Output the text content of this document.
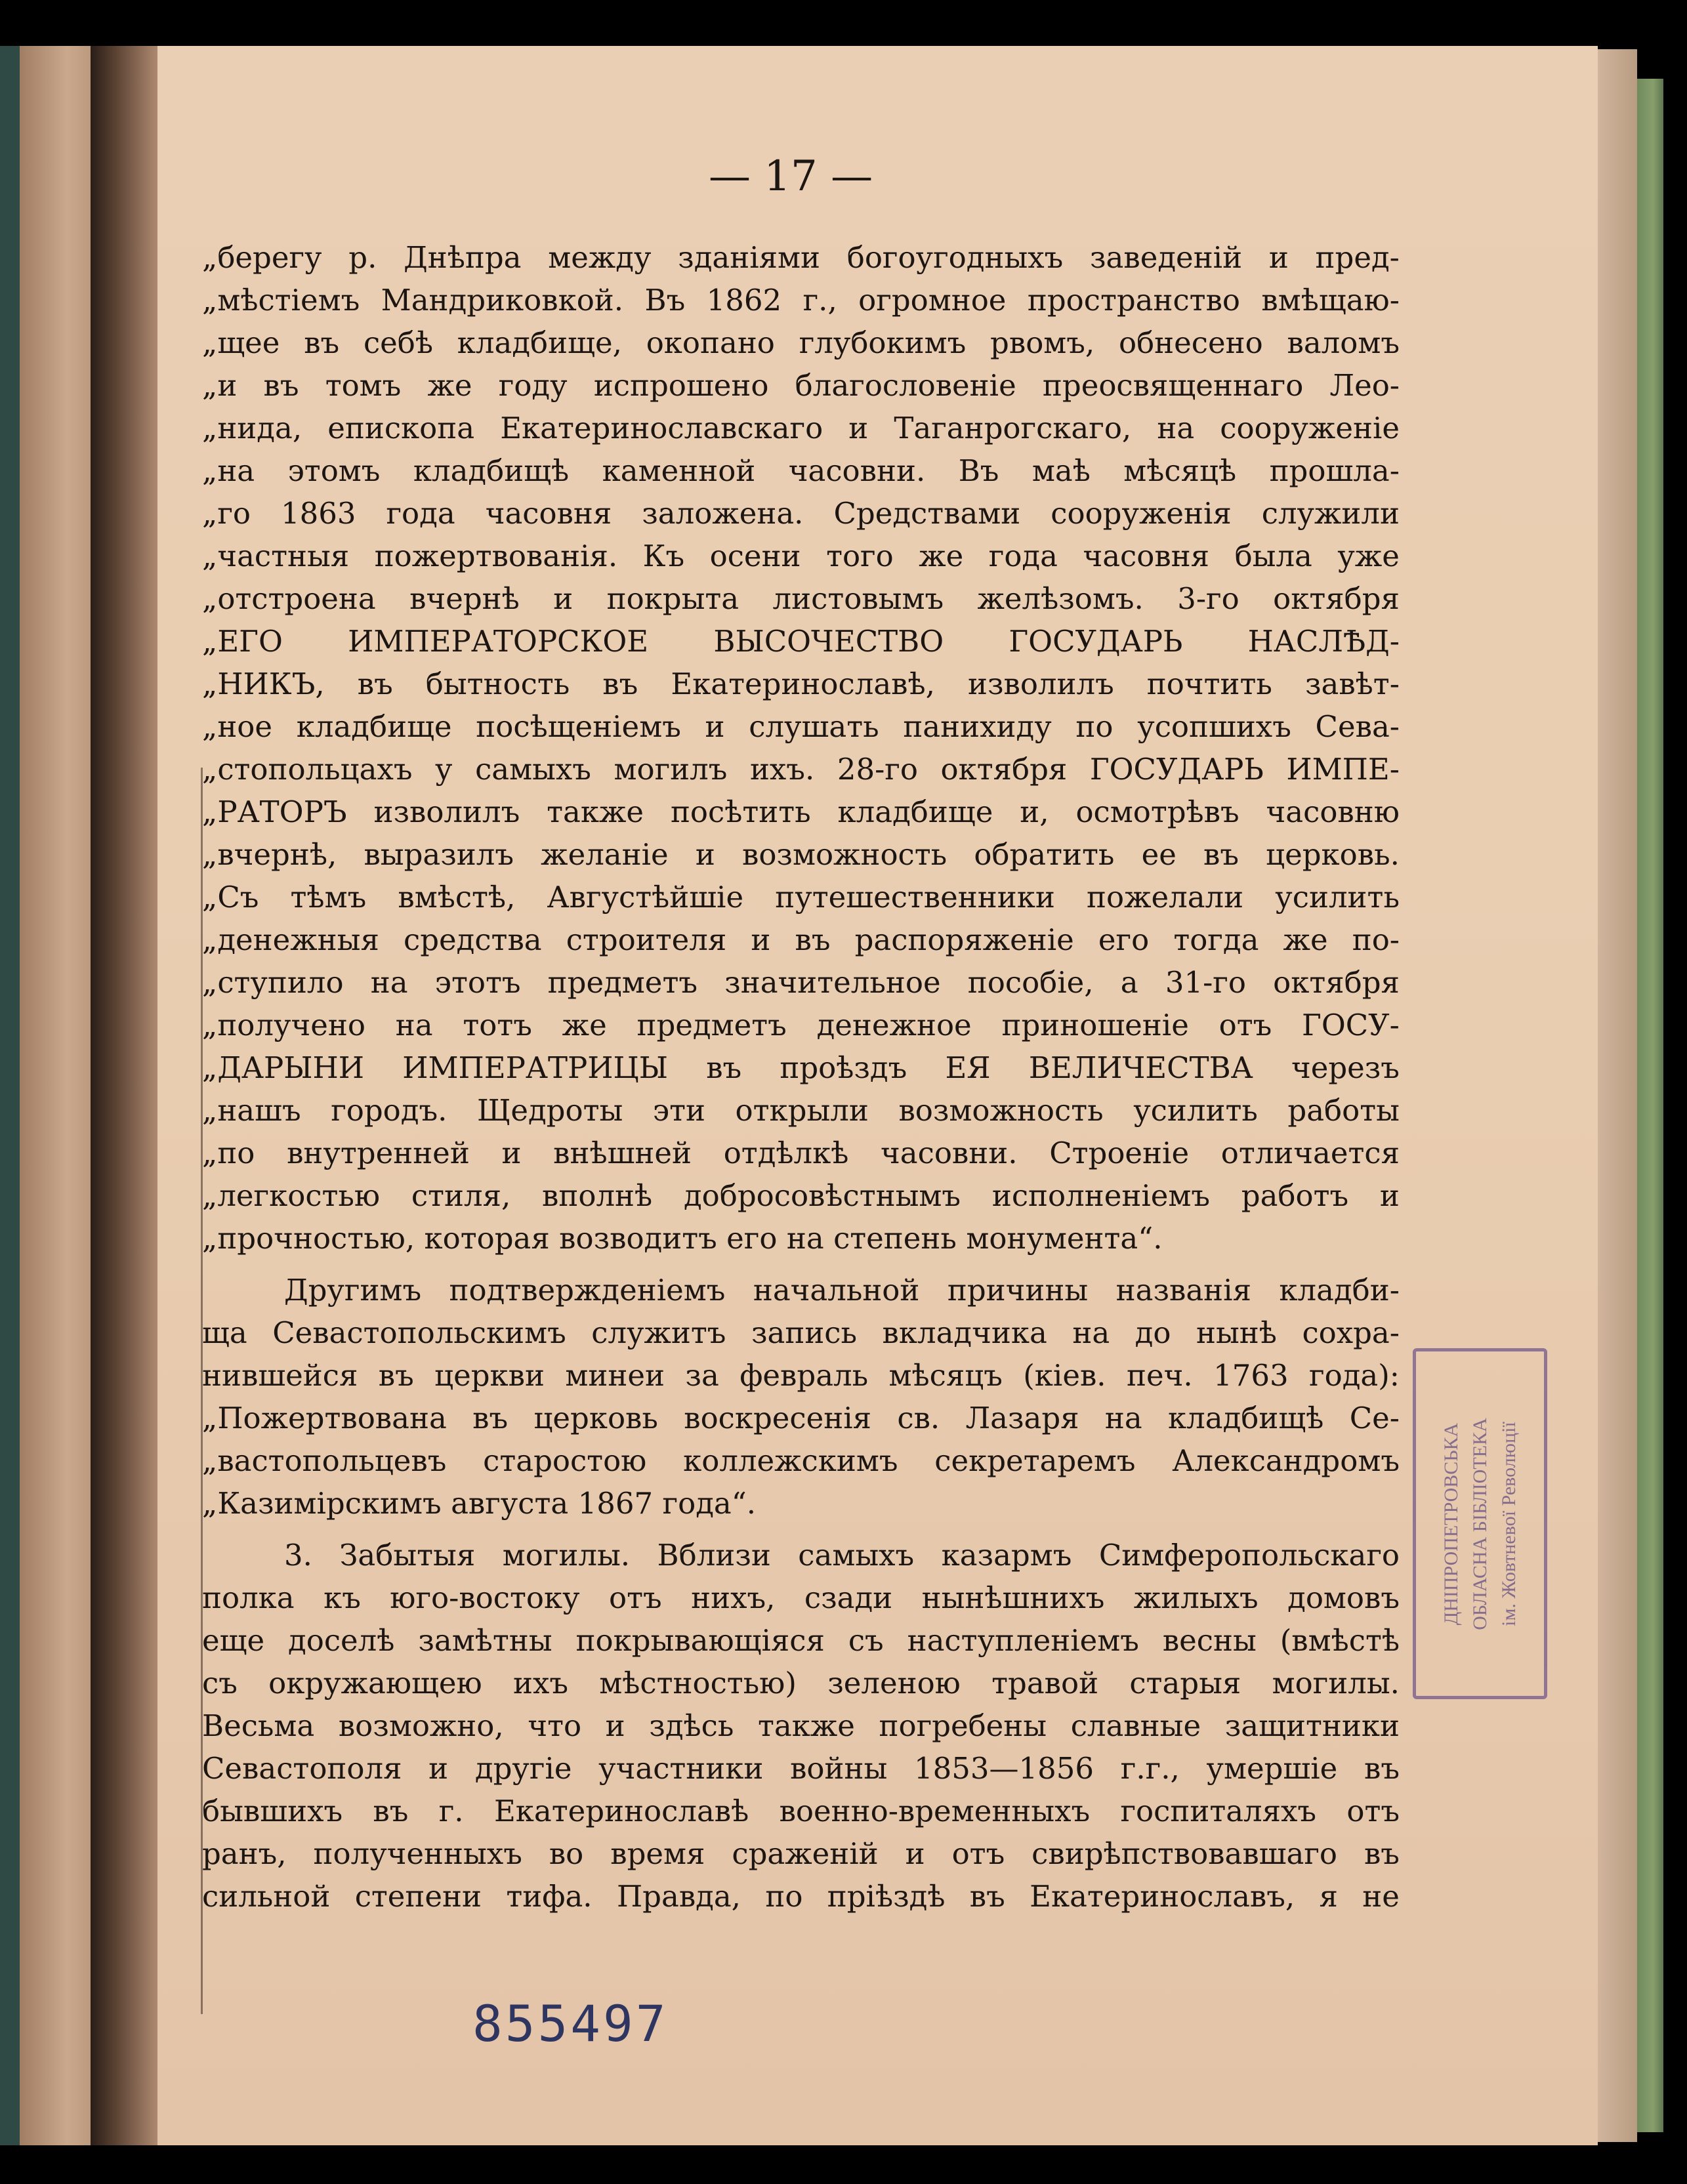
— 17 —
„берегу р. Днѣпра между зданіями богоугодныхъ заведеній и пред-
„мѣстіемъ Мандриковкой. Въ 1862 г., огромное пространство вмѣщаю-
„щее въ себѣ кладбище, окопано глубокимъ рвомъ, обнесено валомъ
„и въ томъ же году испрошено благословеніе преосвященнаго Лео-
„нида, епископа Екатеринославскаго и Таганрогскаго, на сооруженіе
„на этомъ кладбищѣ каменной часовни. Въ маѣ мѣсяцѣ прошла-
„го 1863 года часовня заложена. Средствами сооруженія служили
„частныя пожертвованія. Къ осени того же года часовня была уже
„отстроена вчернѣ и покрыта листовымъ желѣзомъ. 3-го октября
„ЕГО ИМПЕРАТОРСКОЕ ВЫСОЧЕСТВО ГОСУДАРЬ НАСЛѢД-
„НИКЪ, въ бытность въ Екатеринославѣ, изволилъ почтить завѣт-
„ное кладбище посѣщеніемъ и слушать панихиду по усопшихъ Сева-
„стопольцахъ у самыхъ могилъ ихъ. 28-го октября ГОСУДАРЬ ИМПЕ-
„РАТОРЪ изволилъ также посѣтить кладбище и, осмотрѣвъ часовню
„вчернѣ, выразилъ желаніе и возможность обратить ее въ церковь.
„Съ тѣмъ вмѣстѣ, Августѣйшіе путешественники пожелали усилить
„денежныя средства строителя и въ распоряженіе его тогда же по-
„ступило на этотъ предметъ значительное пособіе, а 31-го октября
„получено на тотъ же предметъ денежное приношеніе отъ ГОСУ-
„ДАРЫНИ ИМПЕРАТРИЦЫ въ проѣздъ ЕЯ ВЕЛИЧЕСТВА черезъ
„нашъ городъ. Щедроты эти открыли возможность усилить работы
„по внутренней и внѣшней отдѣлкѣ часовни. Строеніе отличается
„легкостью стиля, вполнѣ добросовѣстнымъ исполненіемъ работъ и
„прочностью, которая возводитъ его на степень монумента“.
Другимъ подтвержденіемъ начальной причины названія кладби-
ща Севастопольскимъ служитъ запись вкладчика на до нынѣ сохра-
нившейся въ церкви минеи за февраль мѣсяцъ (кіев. печ. 1763 года):
„Пожертвована въ церковь воскресенія св. Лазаря на кладбищѣ Се-
„вастопольцевъ старостою коллежскимъ секретаремъ Александромъ
„Казимірскимъ августа 1867 года“.
3. Забытыя могилы. Вблизи самыхъ казармъ Симферопольскаго
полка къ юго-востоку отъ нихъ, сзади нынѣшнихъ жилыхъ домовъ
еще доселѣ замѣтны покрывающіяся съ наступленіемъ весны (вмѣстѣ
съ окружающею ихъ мѣстностью) зеленою травой старыя могилы.
Весьма возможно, что и здѣсь также погребены славные защитники
Севастополя и другіе участники войны 1853—1856 г.г., умершіе въ
бывшихъ въ г. Екатеринославѣ военно-временныхъ госпиталяхъ отъ
ранъ, полученныхъ во время сраженій и отъ свирѣпствовавшаго въ
сильной степени тифа. Правда, по пріѣздѣ въ Екатеринославъ, я не
ДНІПРОПЕТРОВСЬКА ОБЛАСНА БІБЛІОТЕКА ім. Жовтневої Революції
855497
